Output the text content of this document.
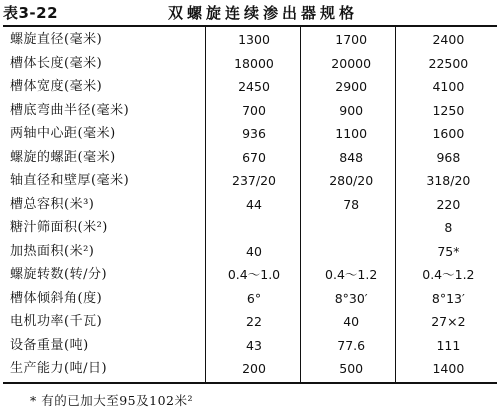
表3-22	双螺旋连续渗出器规格
螺旋直径(毫米)	1300	1700	2400
槽体长度(毫米)	18000	20000	22500
槽体宽度(毫米)	2450	2900	4100
槽底弯曲半径(毫米)	700	900	1250
两轴中心距(毫米)	936	1100	1600
螺旋的螺距(毫米)	670	848	968
轴直径和壁厚(毫米)	237/20	280/20	318/20
槽总容积(米³)	44	78	220
糖汁筛面积(米²)			8
加热面积(米²)	40		75*
螺旋转数(转/分)	0.4～1.0	0.4～1.2	0.4～1.2
槽体倾斜角(度)	6°	8°30′	8°13′
电机功率(千瓦)	22	40	27×2
设备重量(吨)	43	77.6	111
生产能力(吨/日)	200	500	1400
* 有的已加大至95及102米²
